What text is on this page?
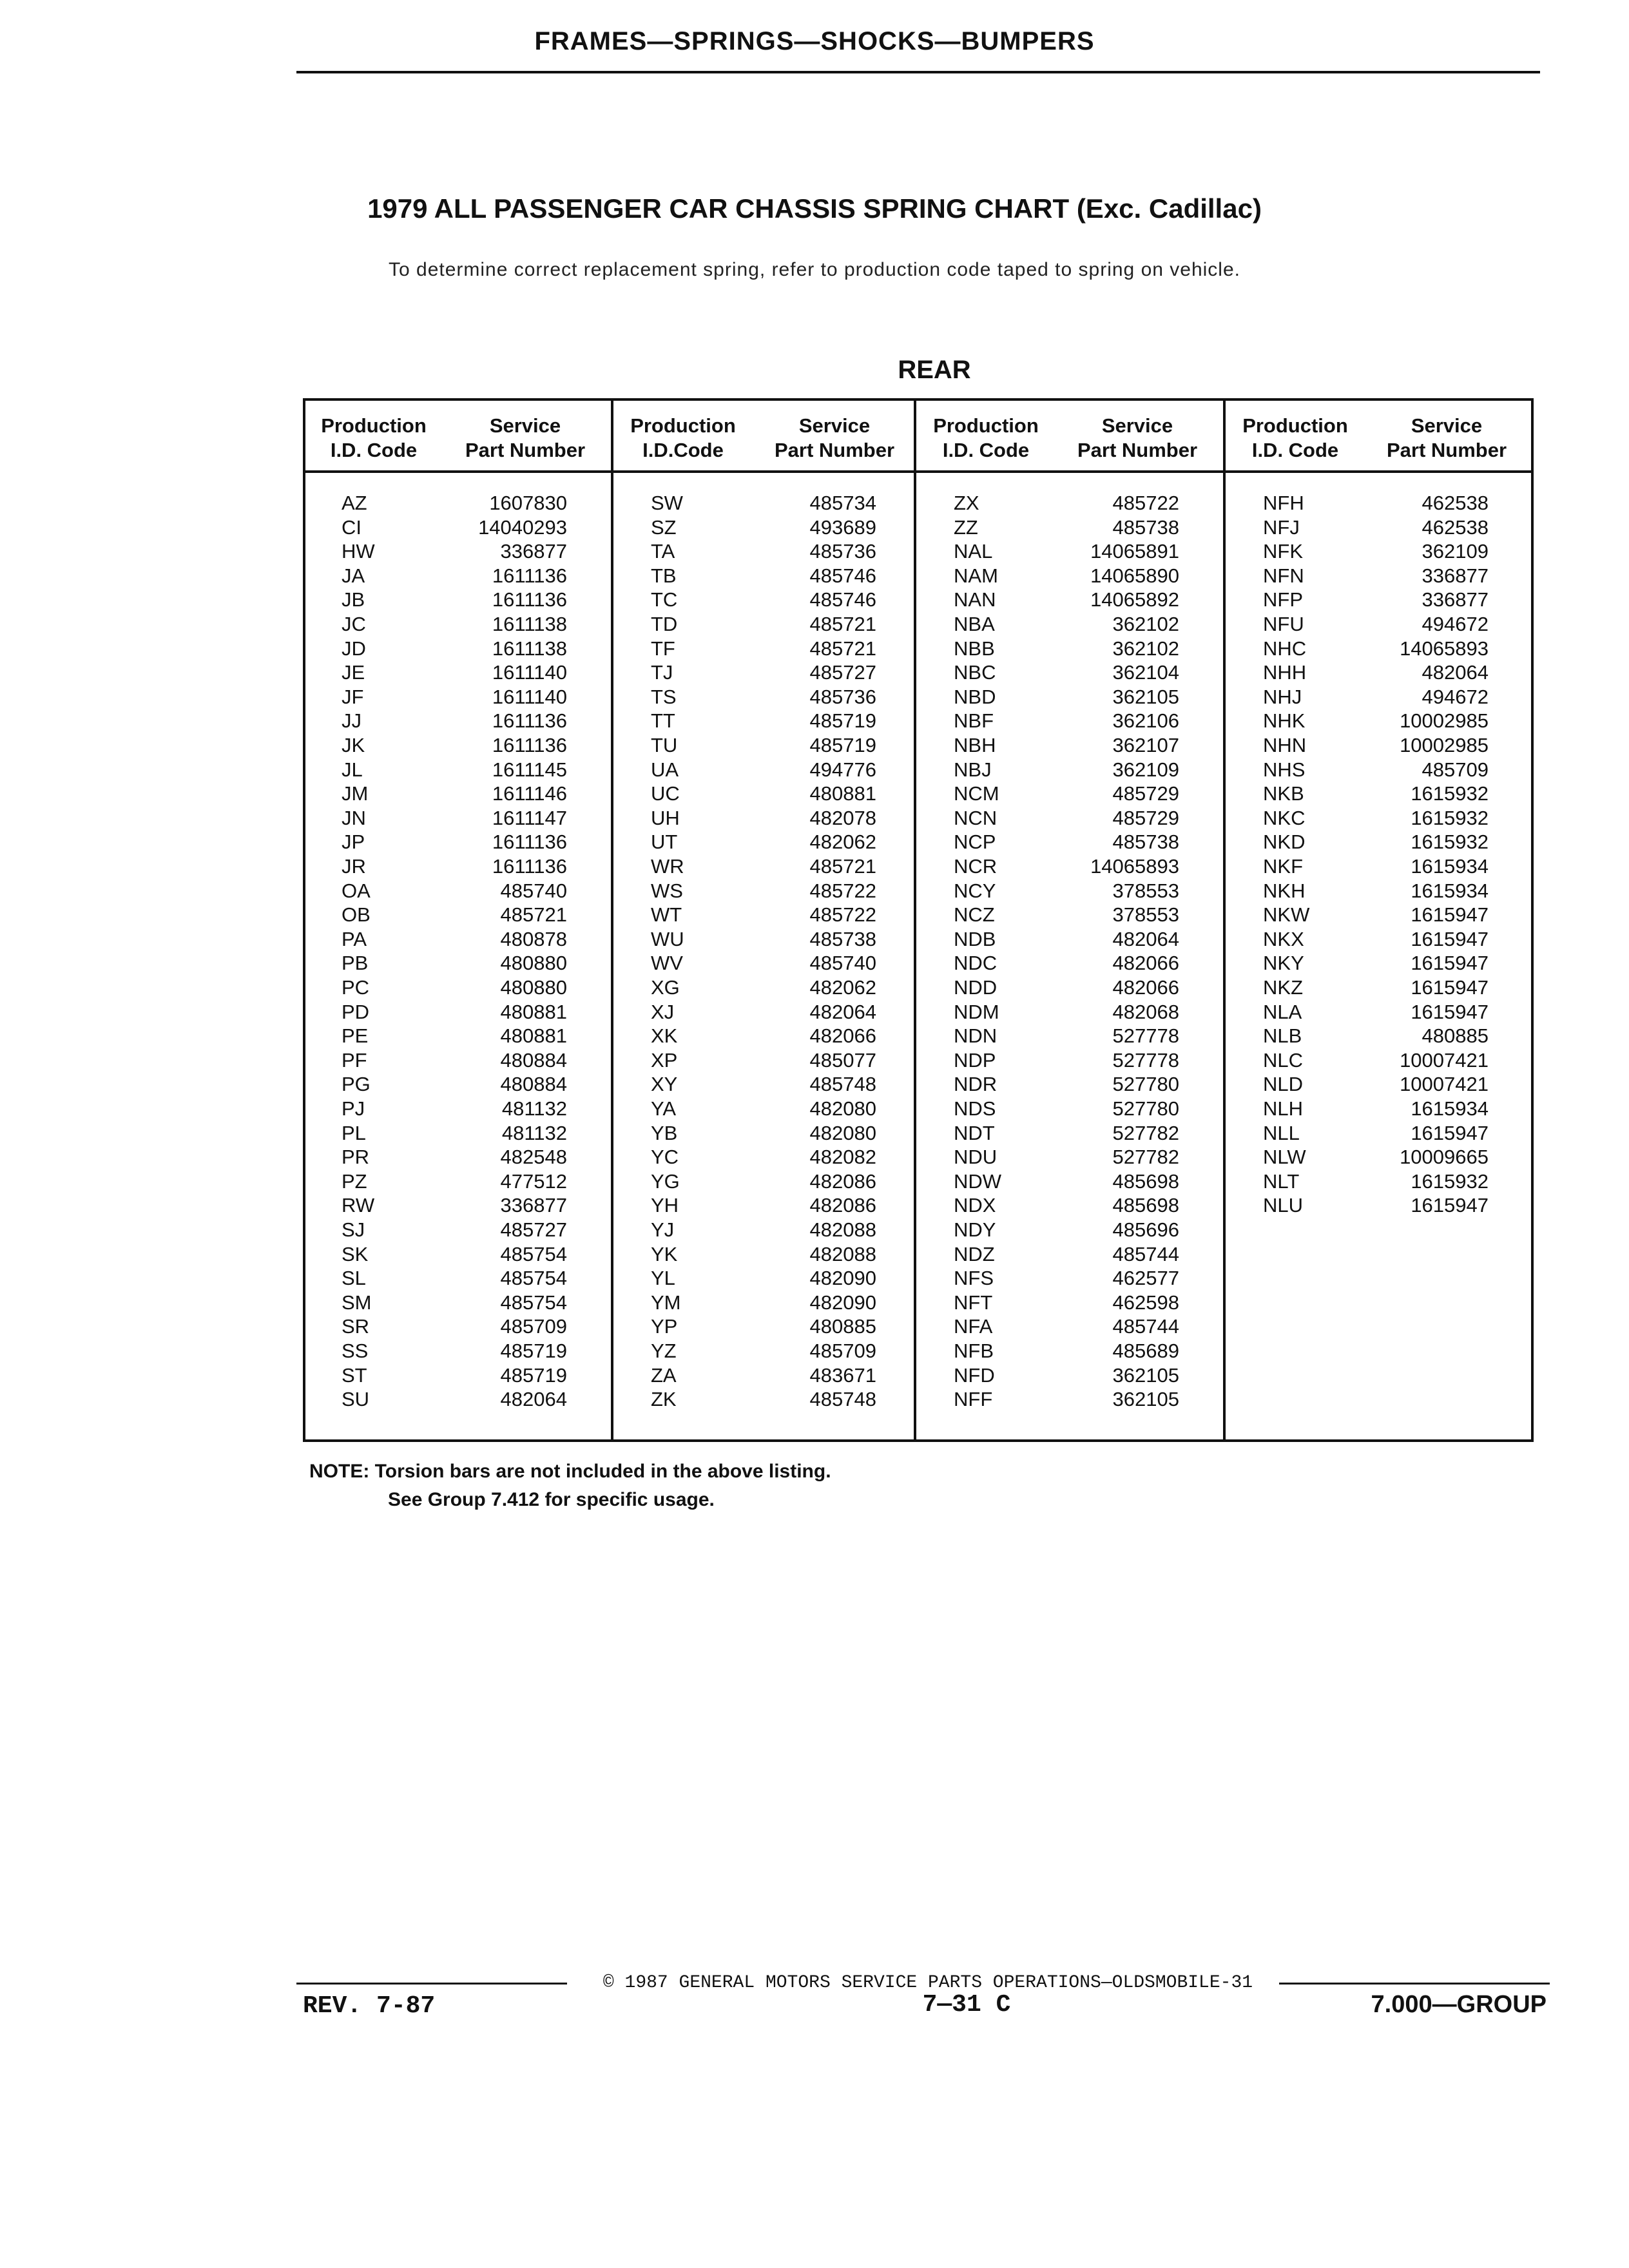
FRAMES—SPRINGS—SHOCKS—BUMPERS
1979 ALL PASSENGER CAR CHASSIS SPRING CHART (Exc. Cadillac)
To determine correct replacement spring, refer to production code taped to spring on vehicle.
REAR
Production
I.D. Code
Service
Part Number
AZ	1607830
CI	14040293
HW	336877
JA	1611136
JB	1611136
JC	1611138
JD	1611138
JE	1611140
JF	1611140
JJ	1611136
JK	1611136
JL	1611145
JM	1611146
JN	1611147
JP	1611136
JR	1611136
OA	485740
OB	485721
PA	480878
PB	480880
PC	480880
PD	480881
PE	480881
PF	480884
PG	480884
PJ	481132
PL	481132
PR	482548
PZ	477512
RW	336877
SJ	485727
SK	485754
SL	485754
SM	485754
SR	485709
SS	485719
ST	485719
SU	482064
Production
I.D.Code
Service
Part Number
SW	485734
SZ	493689
TA	485736
TB	485746
TC	485746
TD	485721
TF	485721
TJ	485727
TS	485736
TT	485719
TU	485719
UA	494776
UC	480881
UH	482078
UT	482062
WR	485721
WS	485722
WT	485722
WU	485738
WV	485740
XG	482062
XJ	482064
XK	482066
XP	485077
XY	485748
YA	482080
YB	482080
YC	482082
YG	482086
YH	482086
YJ	482088
YK	482088
YL	482090
YM	482090
YP	480885
YZ	485709
ZA	483671
ZK	485748
Production
I.D. Code
Service
Part Number
ZX	485722
ZZ	485738
NAL	14065891
NAM	14065890
NAN	14065892
NBA	362102
NBB	362102
NBC	362104
NBD	362105
NBF	362106
NBH	362107
NBJ	362109
NCM	485729
NCN	485729
NCP	485738
NCR	14065893
NCY	378553
NCZ	378553
NDB	482064
NDC	482066
NDD	482066
NDM	482068
NDN	527778
NDP	527778
NDR	527780
NDS	527780
NDT	527782
NDU	527782
NDW	485698
NDX	485698
NDY	485696
NDZ	485744
NFS	462577
NFT	462598
NFA	485744
NFB	485689
NFD	362105
NFF	362105
Production
I.D. Code
Service
Part Number
NFH	462538
NFJ	462538
NFK	362109
NFN	336877
NFP	336877
NFU	494672
NHC	14065893
NHH	482064
NHJ	494672
NHK	10002985
NHN	10002985
NHS	485709
NKB	1615932
NKC	1615932
NKD	1615932
NKF	1615934
NKH	1615934
NKW	1615947
NKX	1615947
NKY	1615947
NKZ	1615947
NLA	1615947
NLB	480885
NLC	10007421
NLD	10007421
NLH	1615934
NLL	1615947
NLW	10009665
NLT	1615932
NLU	1615947
NOTE: Torsion bars are not included in the above listing.
See Group 7.412 for specific usage.
© 1987 GENERAL MOTORS SERVICE PARTS OPERATIONS—OLDSMOBILE-31
REV. 7-87	7—31 C	7.000—GROUP
